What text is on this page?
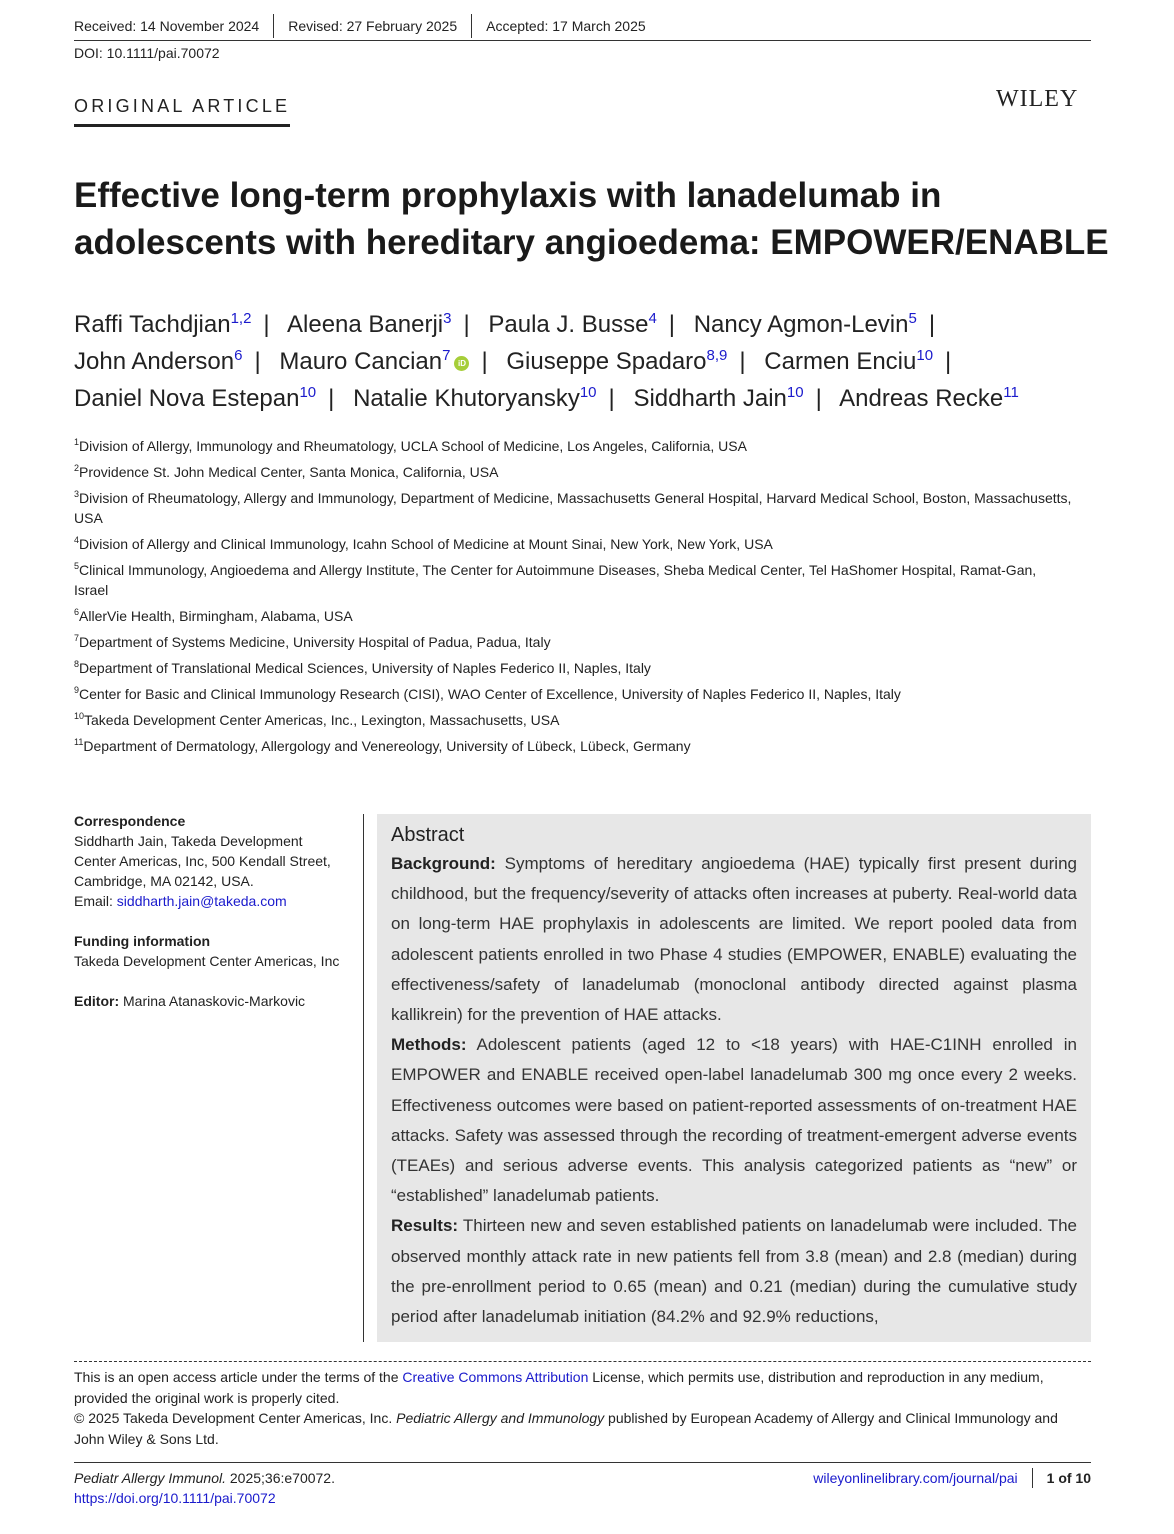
Received: 14 November 2024	Revised: 27 February 2025	Accepted: 17 March 2025
DOI: 10.1111/pai.70072
ORIGINAL ARTICLE	WILEY
Effective long-term prophylaxis with lanadelumab in adolescents with hereditary angioedema: EMPOWER/ENABLE
Raffi Tachdjian$^{1,2}$ | Aleena Banerji$^3$ | Paula J. Busse$^4$ | Nancy Agmon-Levin$^5$ |
John Anderson$^6$ | Mauro Cancian$^7$ iD | Giuseppe Spadaro$^{8,9}$ | Carmen Enciu$^{10}$ |
Daniel Nova Estepan$^{10}$ | Natalie Khutoryansky$^{10}$ | Siddharth Jain$^{10}$ | Andreas Recke$^{11}$
$^1$Division of Allergy, Immunology and Rheumatology, UCLA School of Medicine, Los Angeles, California, USA
$^2$Providence St. John Medical Center, Santa Monica, California, USA
$^3$Division of Rheumatology, Allergy and Immunology, Department of Medicine, Massachusetts General Hospital, Harvard Medical School, Boston, Massachusetts, USA
$^4$Division of Allergy and Clinical Immunology, Icahn School of Medicine at Mount Sinai, New York, New York, USA
$^5$Clinical Immunology, Angioedema and Allergy Institute, The Center for Autoimmune Diseases, Sheba Medical Center, Tel HaShomer Hospital, Ramat-Gan, Israel
$^6$AllerVie Health, Birmingham, Alabama, USA
$^7$Department of Systems Medicine, University Hospital of Padua, Padua, Italy
$^8$Department of Translational Medical Sciences, University of Naples Federico II, Naples, Italy
$^9$Center for Basic and Clinical Immunology Research (CISI), WAO Center of Excellence, University of Naples Federico II, Naples, Italy
$^{10}$Takeda Development Center Americas, Inc., Lexington, Massachusetts, USA
$^{11}$Department of Dermatology, Allergology and Venereology, University of Lübeck, Lübeck, Germany
Correspondence
Siddharth Jain, Takeda Development
Center Americas, Inc, 500 Kendall Street,
Cambridge, MA 02142, USA.
Email: siddharth.jain@takeda.com
Funding information
Takeda Development Center Americas, Inc
Editor: Marina Atanaskovic-Markovic
Abstract

Background: Symptoms of hereditary angioedema (HAE) typically first present during childhood, but the frequency/severity of attacks often increases at puberty. Real-world data on long-term HAE prophylaxis in adolescents are limited. We report pooled data from adolescent patients enrolled in two Phase 4 studies (EMPOWER, ENABLE) evaluating the effectiveness/safety of lanadelumab (monoclonal antibody directed against plasma kallikrein) for the prevention of HAE attacks.

Methods: Adolescent patients (aged 12 to <18 years) with HAE-C1INH enrolled in EMPOWER and ENABLE received open-label lanadelumab 300 mg once every 2 weeks. Effectiveness outcomes were based on patient-reported assessments of on-treatment HAE attacks. Safety was assessed through the recording of treatment-emergent adverse events (TEAEs) and serious adverse events. This analysis categorized patients as “new” or “established” lanadelumab patients.

Results: Thirteen new and seven established patients on lanadelumab were included. The observed monthly attack rate in new patients fell from 3.8 (mean) and 2.8 (median) during the pre-enrollment period to 0.65 (mean) and 0.21 (median) during the cumulative study period after lanadelumab initiation (84.2% and 92.9% reductions,

This is an open access article under the terms of the Creative Commons Attribution License, which permits use, distribution and reproduction in any medium, provided the original work is properly cited.
© 2025 Takeda Development Center Americas, Inc. Pediatric Allergy and Immunology published by European Academy of Allergy and Clinical Immunology and John Wiley & Sons Ltd.
Pediatr Allergy Immunol. 2025;36:e70072.
https://doi.org/10.1111/pai.70072
wileyonlinelibrary.com/journal/pai	1 of 10
